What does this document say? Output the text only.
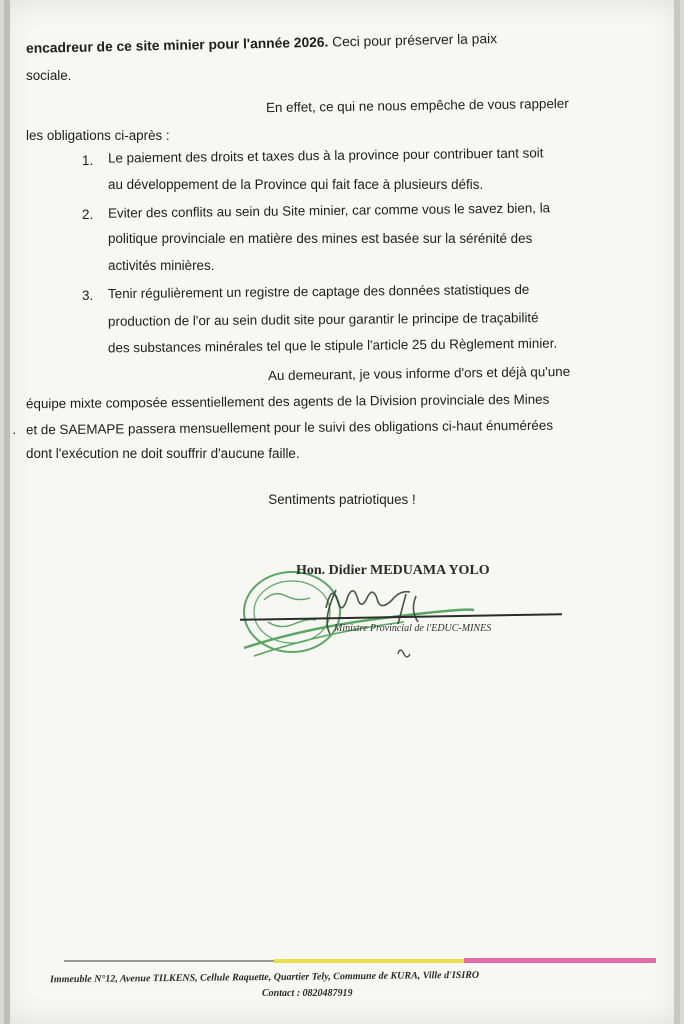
encadreur de ce site minier pour l'année 2026. Ceci pour préserver la paix
sociale.
En effet, ce qui ne nous empêche de vous rappeler
les obligations ci-après :
1. Le paiement des droits et taxes dus à la province pour contribuer tant soit
au développement de la Province qui fait face à plusieurs défis.
2. Eviter des conflits au sein du Site minier, car comme vous le savez bien, la
politique provinciale en matière des mines est basée sur la sérénité des
activités minières.
3. Tenir régulièrement un registre de captage des données statistiques de
production de l'or au sein dudit site pour garantir le principe de traçabilité
des substances minérales tel que le stipule l'article 25 du Règlement minier.
Au demeurant, je vous informe d'ors et déjà qu'une
équipe mixte composée essentiellement des agents de la Division provinciale des Mines
et de SAEMAPE passera mensuellement pour le suivi des obligations ci-haut énumérées
dont l'exécution ne doit souffrir d'aucune faille.
·
Sentiments patriotiques !
Hon. Didier MEDUAMA YOLO
Ministre Provincial de l'EDUC-MINES
Immeuble N°12, Avenue TILKENS, Cellule Raquette, Quartier Tely, Commune de KURA, Ville d'ISIRO
Contact : 0820487919
